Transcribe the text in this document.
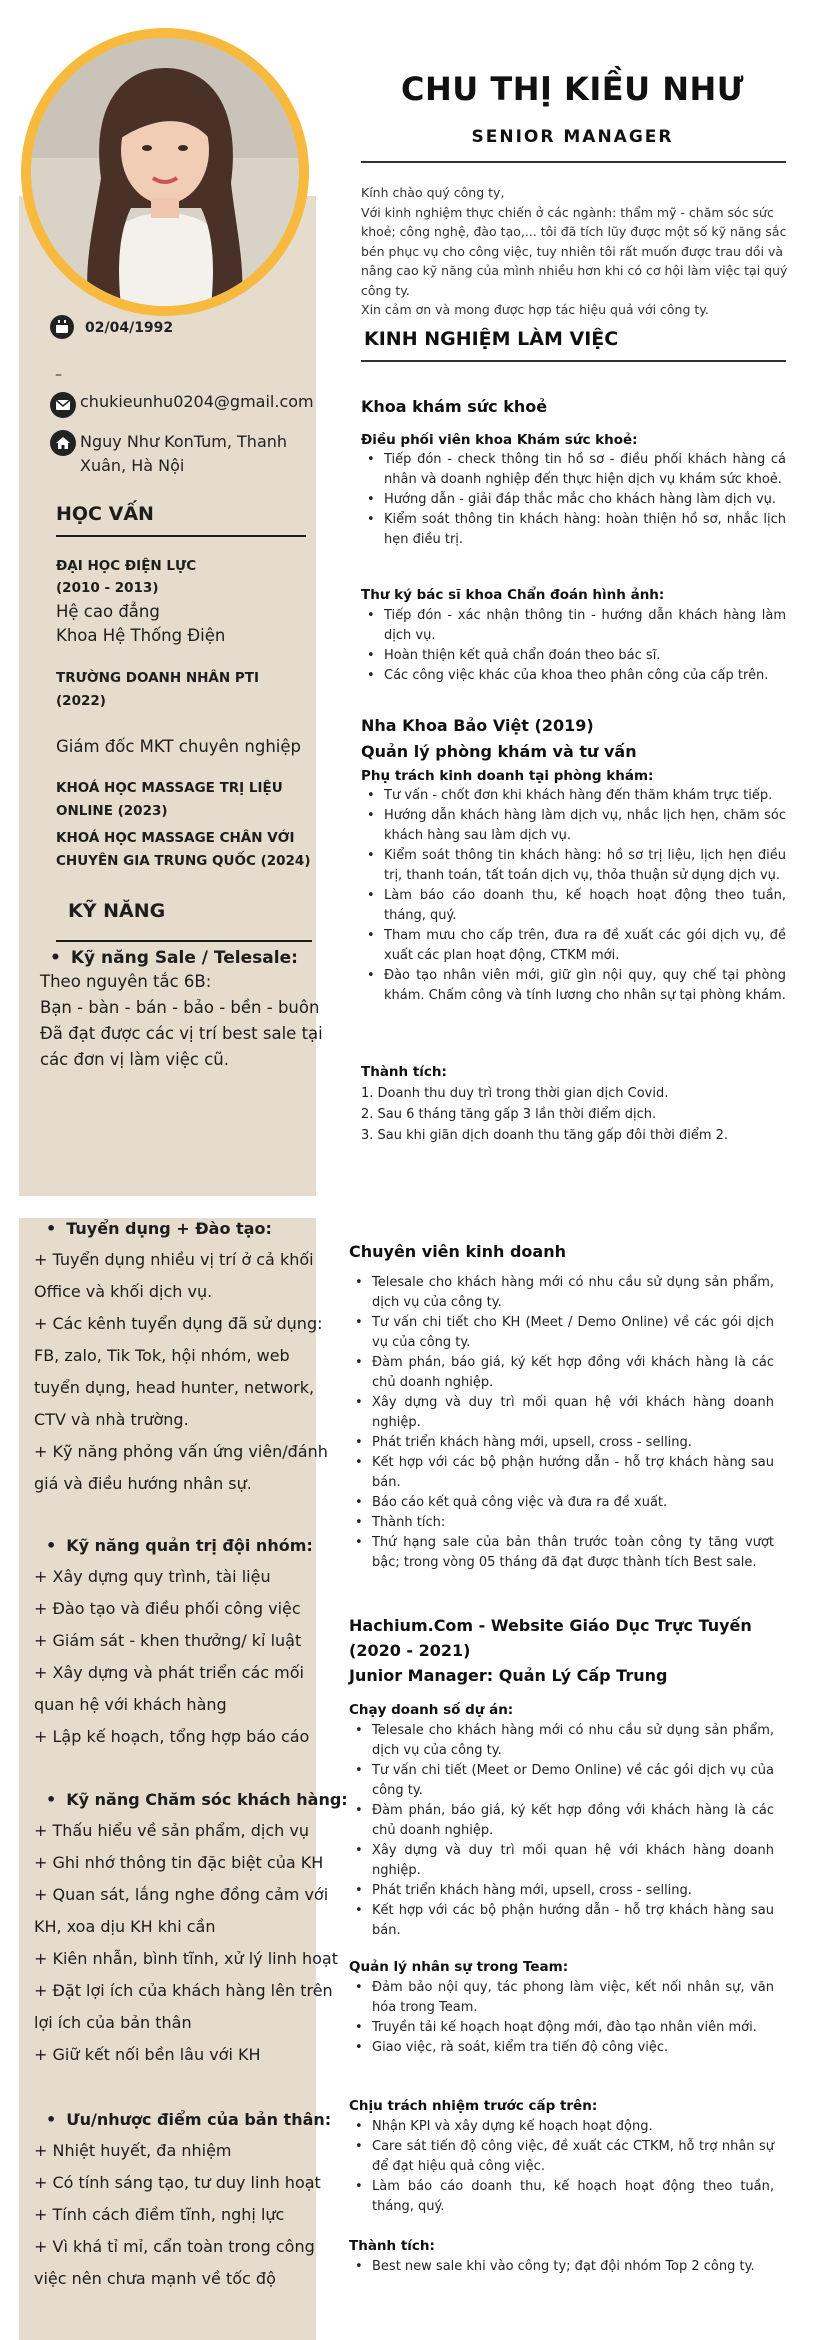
02/04/1992
–
chukieunhu0204@gmail.com
Nguy Như KonTum, Thanh
Xuân, Hà Nội
HỌC VẤN
ĐẠI HỌC ĐIỆN LỰC
(2010 - 2013)
Hệ cao đẳng
Khoa Hệ Thống Điện
TRƯỜNG DOANH NHÂN PTI
(2022)
Giám đốc MKT chuyên nghiệp
KHOÁ HỌC MASSAGE TRỊ LIỆU
ONLINE (2023)
KHOÁ HỌC MASSAGE CHÂN VỚI
CHUYÊN GIA TRUNG QUỐC (2024)
KỸ NĂNG
• Kỹ năng Sale / Telesale:
Theo nguyên tắc 6B:
Bạn - bàn - bán - bảo - bền - buôn
Đã đạt được các vị trí best sale tại
các đơn vị làm việc cũ.
• Tuyển dụng + Đào tạo:
+ Tuyển dụng nhiều vị trí ở cả khối
Office và khối dịch vụ.
+ Các kênh tuyển dụng đã sử dụng:
FB, zalo, Tik Tok, hội nhóm, web
tuyển dụng, head hunter, network,
CTV và nhà trường.
+ Kỹ năng phỏng vấn ứng viên/đánh
giá và điều hướng nhân sự.
• Kỹ năng quản trị đội nhóm:
+ Xây dựng quy trình, tài liệu
+ Đào tạo và điều phối công việc
+ Giám sát - khen thưởng/ kỉ luật
+ Xây dựng và phát triển các mối
quan hệ với khách hàng
+ Lập kế hoạch, tổng hợp báo cáo
• Kỹ năng Chăm sóc khách hàng:
+ Thấu hiểu về sản phẩm, dịch vụ
+ Ghi nhớ thông tin đặc biệt của KH
+ Quan sát, lắng nghe đồng cảm với
KH, xoa dịu KH khi cần
+ Kiên nhẫn, bình tĩnh, xử lý linh hoạt
+ Đặt lợi ích của khách hàng lên trên
lợi ích của bản thân
+ Giữ kết nối bền lâu với KH
• Ưu/nhược điểm của bản thân:
+ Nhiệt huyết, đa nhiệm
+ Có tính sáng tạo, tư duy linh hoạt
+ Tính cách điềm tĩnh, nghị lực
+ Vì khá tỉ mỉ, cẩn toàn trong công
việc nên chưa mạnh về tốc độ
CHU THỊ KIỀU NHƯ
SENIOR MANAGER

Kính chào quý công ty,

Với kinh nghiệm thực chiến ở các ngành: thẩm mỹ - chăm sóc sức khoẻ; công nghệ, đào tạo,... tôi đã tích lũy được một số kỹ năng sắc bén phục vụ cho công việc, tuy nhiên tôi rất muốn được trau dồi và nâng cao kỹ năng của mình nhiều hơn khi có cơ hội làm việc tại quý công ty.

Xin cảm ơn và mong được hợp tác hiệu quả với công ty.

KINH NGHIỆM LÀM VIỆC
Khoa khám sức khoẻ
Điều phối viên khoa Khám sức khoẻ:
• Tiếp đón - check thông tin hồ sơ - điều phối khách hàng cá nhân và doanh nghiệp đến thực hiện dịch vụ khám sức khoẻ.
• Hướng dẫn - giải đáp thắc mắc cho khách hàng làm dịch vụ.
• Kiểm soát thông tin khách hàng: hoàn thiện hồ sơ, nhắc lịch hẹn điều trị.
Thư ký bác sĩ khoa Chẩn đoán hình ảnh:
• Tiếp đón - xác nhận thông tin - hướng dẫn khách hàng làm dịch vụ.
• Hoàn thiện kết quả chẩn đoán theo bác sĩ.
• Các công việc khác của khoa theo phân công của cấp trên.
Nha Khoa Bảo Việt (2019)
Quản lý phòng khám và tư vấn
Phụ trách kinh doanh tại phòng khám:
• Tư vấn - chốt đơn khi khách hàng đến thăm khám trực tiếp.
• Hướng dẫn khách hàng làm dịch vụ, nhắc lịch hẹn, chăm sóc khách hàng sau làm dịch vụ.
• Kiểm soát thông tin khách hàng: hồ sơ trị liệu, lịch hẹn điều trị, thanh toán, tất toán dịch vụ, thỏa thuận sử dụng dịch vụ.
• Làm báo cáo doanh thu, kế hoạch hoạt động theo tuần, tháng, quý.
• Tham mưu cho cấp trên, đưa ra đề xuất các gói dịch vụ, đề xuất các plan hoạt động, CTKM mới.
• Đào tạo nhân viên mới, giữ gìn nội quy, quy chế tại phòng khám. Chấm công và tính lương cho nhân sự tại phòng khám.
Thành tích:
1. Doanh thu duy trì trong thời gian dịch Covid.
2. Sau 6 tháng tăng gấp 3 lần thời điểm dịch.
3. Sau khi giãn dịch doanh thu tăng gấp đôi thời điểm 2.
Chuyên viên kinh doanh
• Telesale cho khách hàng mới có nhu cầu sử dụng sản phẩm, dịch vụ của công ty.
• Tư vấn chi tiết cho KH (Meet / Demo Online) về các gói dịch vụ của công ty.
• Đàm phán, báo giá, ký kết hợp đồng với khách hàng là các chủ doanh nghiệp.
• Xây dựng và duy trì mối quan hệ với khách hàng doanh nghiệp.
• Phát triển khách hàng mới, upsell, cross - selling.
• Kết hợp với các bộ phận hướng dẫn - hỗ trợ khách hàng sau bán.
• Báo cáo kết quả công việc và đưa ra đề xuất.
• Thành tích:
• Thứ hạng sale của bản thân trước toàn công ty tăng vượt bậc; trong vòng 05 tháng đã đạt được thành tích Best sale.
Hachium.Com - Website Giáo Dục Trực Tuyến
(2020 - 2021)
Junior Manager: Quản Lý Cấp Trung
Chạy doanh số dự án:
• Telesale cho khách hàng mới có nhu cầu sử dụng sản phẩm, dịch vụ của công ty.
• Tư vấn chi tiết (Meet or Demo Online) về các gói dịch vụ của công ty.
• Đàm phán, báo giá, ký kết hợp đồng với khách hàng là các chủ doanh nghiệp.
• Xây dựng và duy trì mối quan hệ với khách hàng doanh nghiệp.
• Phát triển khách hàng mới, upsell, cross - selling.
• Kết hợp với các bộ phận hướng dẫn - hỗ trợ khách hàng sau bán.
Quản lý nhân sự trong Team:
• Đảm bảo nội quy, tác phong làm việc, kết nối nhân sự, văn hóa trong Team.
• Truyền tải kế hoạch hoạt động mới, đào tạo nhân viên mới.
• Giao việc, rà soát, kiểm tra tiến độ công việc.
Chịu trách nhiệm trước cấp trên:
• Nhận KPI và xây dựng kế hoạch hoạt động.
• Care sát tiến độ công việc, đề xuất các CTKM, hỗ trợ nhân sự để đạt hiệu quả công việc.
• Làm báo cáo doanh thu, kế hoạch hoạt động theo tuần, tháng, quý.
Thành tích:
• Best new sale khi vào công ty; đạt đội nhóm Top 2 công ty.
